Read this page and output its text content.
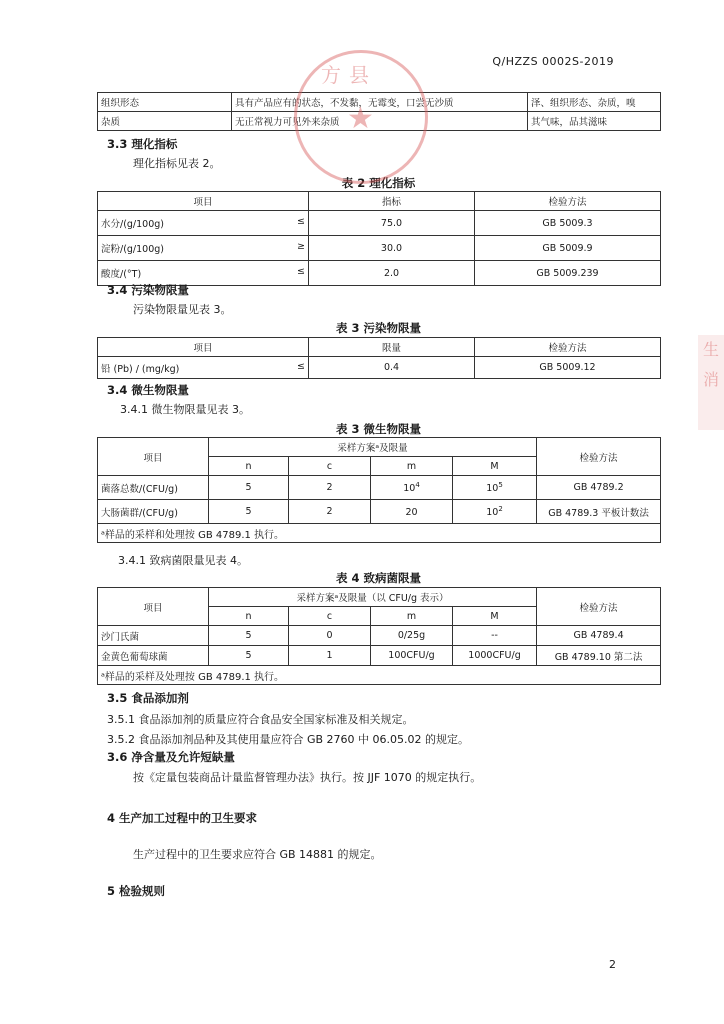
Q/HZZS 0002S-2019
组织形态	具有产品应有的状态，不发黏，无霉变，口尝无沙质	泽、组织形态、杂质，嗅
杂质	无正常视力可见外来杂质	其气味，品其滋味
3.3 理化指标
理化指标见表 2。
表 2 理化指标
项目	指标	检验方法

水分/(g/100g) ≤	75.0	GB 5009.3

淀粉/(g/100g) ≥	30.0	GB 5009.9

酸度/(°T) ≤	2.0	GB 5009.239
3.4 污染物限量
污染物限量见表 3。
表 3 污染物限量
项目	限量	检验方法

铅 (Pb) / (mg/kg) ≤	0.4	GB 5009.12
3.4 微生物限量
3.4.1 微生物限量见表 3。
表 3 微生物限量
项目	采样方案ᵃ及限量				检验方法
	n	c	m	M	
菌落总数/(CFU/g)	5	2	$10^4$	$10^5$	GB 4789.2
大肠菌群/(CFU/g)	5	2	20	$10^2$	GB 4789.3 平板计数法
ᵃ样品的采样和处理按 GB 4789.1 执行。					
3.4.1 致病菌限量见表 4。
表 4 致病菌限量
项目	采样方案ᵃ及限量（以 CFU/g 表示）				检验方法
	n	c	m	M	
沙门氏菌	5	0	0/25g	--	GB 4789.4
金黄色葡萄球菌	5	1	100CFU/g	1000CFU/g	GB 4789.10 第二法
ᵃ样品的采样及处理按 GB 4789.1 执行。					
3.5 食品添加剂
3.5.1 食品添加剂的质量应符合食品安全国家标准及相关规定。
3.5.2 食品添加剂品种及其使用量应符合 GB 2760 中 06.05.02 的规定。
3.6 净含量及允许短缺量
按《定量包装商品计量监督管理办法》执行。按 JJF 1070 的规定执行。
4 生产加工过程中的卫生要求
生产过程中的卫生要求应符合 GB 14881 的规定。
5 检验规则
方县
★
生 消
2
